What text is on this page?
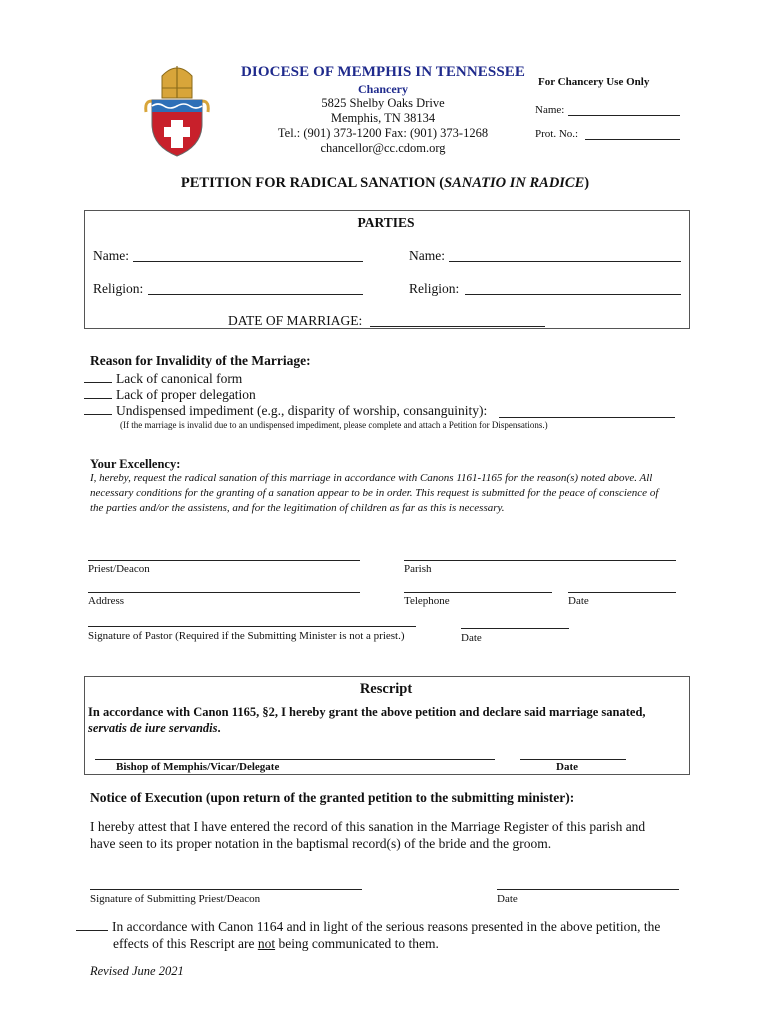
DIOCESE OF MEMPHIS IN TENNESSEE
Chancery
5825 Shelby Oaks Drive
Memphis, TN 38134
Tel.: (901) 373-1200 Fax: (901) 373-1268
chancellor@cc.cdom.org
For Chancery Use Only
Name:
Prot. No.:
PETITION FOR RADICAL SANATION (SANATIO IN RADICE)
PARTIES
Name:	Name:
Religion:	Religion:
DATE OF MARRIAGE:
Reason for Invalidity of the Marriage:
Lack of canonical form
Lack of proper delegation
Undispensed impediment (e.g., disparity of worship, consanguinity):
(If the marriage is invalid due to an undispensed impediment, please complete and attach a Petition for Dispensations.)
Your Excellency:
I, hereby, request the radical sanation of this marriage in accordance with Canons 1161-1165 for the reason(s) noted above. All necessary conditions for the granting of a sanation appear to be in order. This request is submitted for the peace of conscience of the parties and/or the assistens, and for the legitimation of children as far as this is necessary.
Priest/Deacon	Parish
Address	Telephone	Date
Signature of Pastor (Required if the Submitting Minister is not a priest.)	Date
Rescript
In accordance with Canon 1165, §2, I hereby grant the above petition and declare said marriage sanated,
servatis de iure servandis.
Bishop of Memphis/Vicar/Delegate	Date
Notice of Execution (upon return of the granted petition to the submitting minister):
I hereby attest that I have entered the record of this sanation in the Marriage Register of this parish and have seen to its proper notation in the baptismal record(s) of the bride and the groom.
Signature of Submitting Priest/Deacon	Date
In accordance with Canon 1164 and in light of the serious reasons presented in the above petition, the
effects of this Rescript are not being communicated to them.
Revised June 2021
